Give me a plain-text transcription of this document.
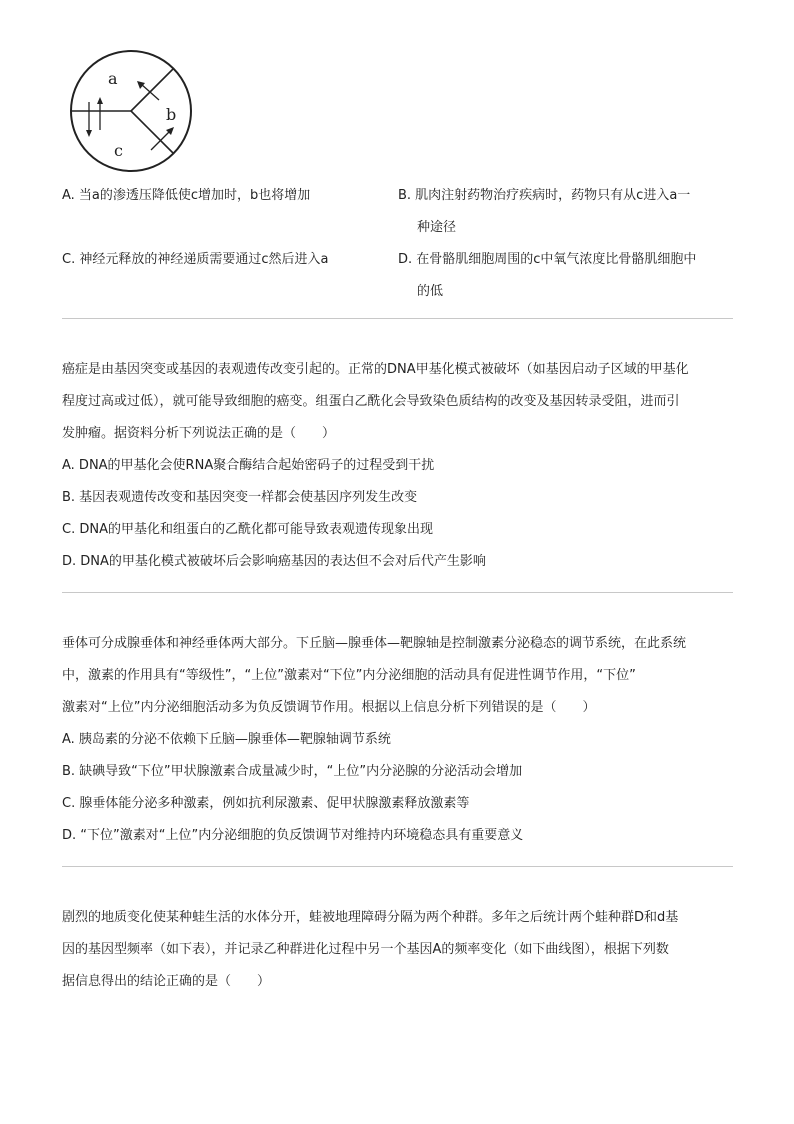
a
b
c
A. 当a的渗透压降低使c增加时，b也将增加	B. 肌肉注射药物治疗疾病时，药物只有从c进入a一
种途径
C. 神经元释放的神经递质需要通过c然后进入a	D. 在骨骼肌细胞周围的c中氧气浓度比骨骼肌细胞中
的低
癌症是由基因突变或基因的表观遗传改变引起的。正常的DNA甲基化模式被破坏（如基因启动子区域的甲基化
程度过高或过低），就可能导致细胞的癌变。组蛋白乙酰化会导致染色质结构的改变及基因转录受阻，进而引
发肿瘤。据资料分析下列说法正确的是（　　）
A. DNA的甲基化会使RNA聚合酶结合起始密码子的过程受到干扰
B. 基因表观遗传改变和基因突变一样都会使基因序列发生改变
C. DNA的甲基化和组蛋白的乙酰化都可能导致表观遗传现象出现
D. DNA的甲基化模式被破坏后会影响癌基因的表达但不会对后代产生影响
垂体可分成腺垂体和神经垂体两大部分。下丘脑—腺垂体—靶腺轴是控制激素分泌稳态的调节系统，在此系统
中，激素的作用具有“等级性”，“上位”激素对“下位”内分泌细胞的活动具有促进性调节作用，“下位”
激素对“上位”内分泌细胞活动多为负反馈调节作用。根据以上信息分析下列错误的是（　　）
A. 胰岛素的分泌不依赖下丘脑—腺垂体—靶腺轴调节系统
B. 缺碘导致“下位”甲状腺激素合成量减少时，“上位”内分泌腺的分泌活动会增加
C. 腺垂体能分泌多种激素，例如抗利尿激素、促甲状腺激素释放激素等
D. “下位”激素对“上位”内分泌细胞的负反馈调节对维持内环境稳态具有重要意义
剧烈的地质变化使某种蛙生活的水体分开，蛙被地理障碍分隔为两个种群。多年之后统计两个蛙种群D和d基
因的基因型频率（如下表），并记录乙种群进化过程中另一个基因A的频率变化（如下曲线图），根据下列数
据信息得出的结论正确的是（　　）
